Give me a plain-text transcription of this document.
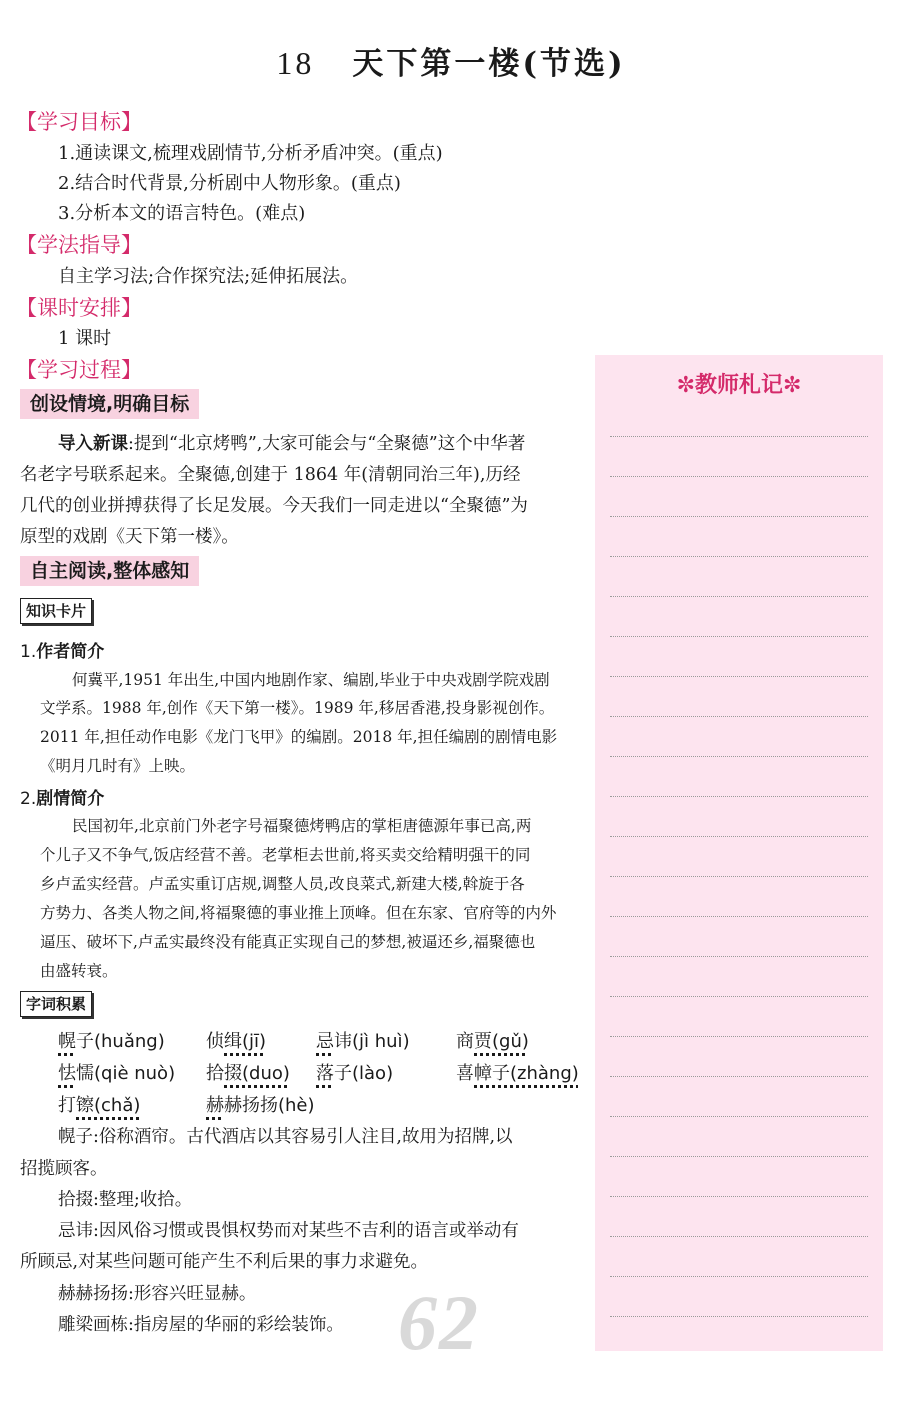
18 天下第一楼(节选)
【学习目标】
1.通读课文,梳理戏剧情节,分析矛盾冲突。(重点)
2.结合时代背景,分析剧中人物形象。(重点)
3.分析本文的语言特色。(难点)
【学法指导】
自主学习法;合作探究法;延伸拓展法。
【课时安排】
1 课时
【学习过程】
✼教师札记✼
创设情境,明确目标
导入新课:提到“北京烤鸭”,大家可能会与“全聚德”这个中华著
名老字号联系起来。全聚德,创建于 1864 年(清朝同治三年),历经
几代的创业拼搏获得了长足发展。今天我们一同走进以“全聚德”为
原型的戏剧《天下第一楼》。
自主阅读,整体感知
知识卡片
1.作者简介
何冀平,1951 年出生,中国内地剧作家、编剧,毕业于中央戏剧学院戏剧
文学系。1988 年,创作《天下第一楼》。1989 年,移居香港,投身影视创作。
2011 年,担任动作电影《龙门飞甲》的编剧。2018 年,担任编剧的剧情电影
《明月几时有》上映。
2.剧情简介
民国初年,北京前门外老字号福聚德烤鸭店的掌柜唐德源年事已高,两
个儿子又不争气,饭店经营不善。老掌柜去世前,将买卖交给精明强干的同
乡卢孟实经营。卢孟实重订店规,调整人员,改良菜式,新建大楼,斡旋于各
方势力、各类人物之间,将福聚德的事业推上顶峰。但在东家、官府等的内外
逼压、破坏下,卢孟实最终没有能真正实现自己的梦想,被逼还乡,福聚德也
由盛转衰。
字词积累
幌子(huǎng) 侦缉(jī)	忌讳(jì huì)	商贾(gǔ)
怯懦(qiè nuò) 拾掇(duo) 落子(lào)	喜幛子(zhàng)
打镲(chǎ)	赫赫扬扬(hè)
幌子:俗称酒帘。古代酒店以其容易引人注目,故用为招牌,以
招揽顾客。
拾掇:整理;收拾。
忌讳:因风俗习惯或畏惧权势而对某些不吉利的语言或举动有
所顾忌,对某些问题可能产生不利后果的事力求避免。
赫赫扬扬:形容兴旺显赫。
雕梁画栋:指房屋的华丽的彩绘装饰。 62
